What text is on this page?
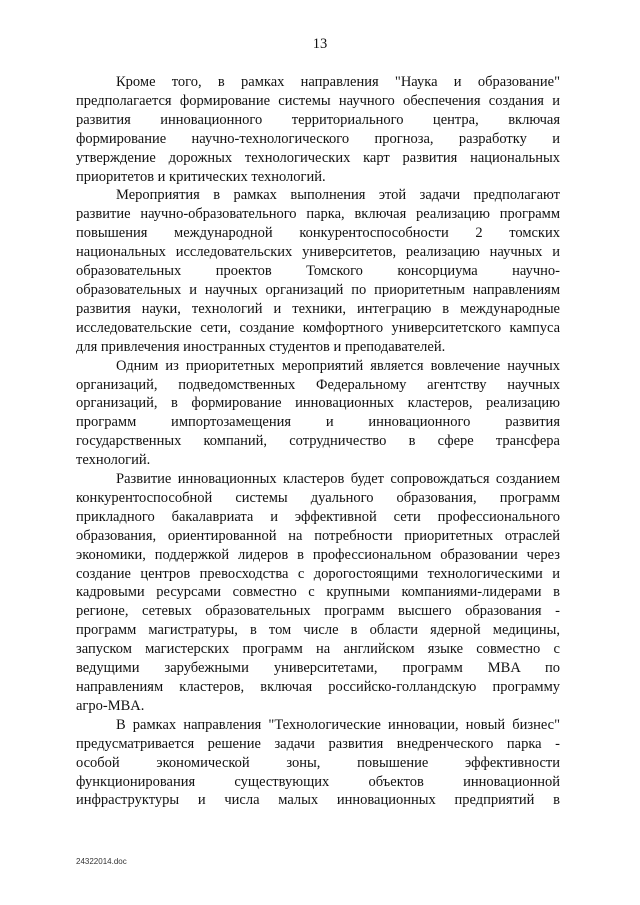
13

Кроме того, в рамках направления "Наука и образование"
предполагается формирование системы научного обеспечения создания и
развития инновационного территориального центра, включая
формирование научно-технологического прогноза, разработку и
утверждение дорожных технологических карт развития национальных
приоритетов и критических технологий.

Мероприятия в рамках выполнения этой задачи предполагают
развитие научно-образовательного парка, включая реализацию программ
повышения международной конкурентоспособности 2 томских
национальных исследовательских университетов, реализацию научных и
образовательных проектов Томского консорциума научно-
образовательных и научных организаций по приоритетным направлениям
развития науки, технологий и техники, интеграцию в международные
исследовательские сети, создание комфортного университетского кампуса
для привлечения иностранных студентов и преподавателей.

Одним из приоритетных мероприятий является вовлечение научных
организаций, подведомственных Федеральному агентству научных
организаций, в формирование инновационных кластеров, реализацию
программ импортозамещения и инновационного развития
государственных компаний, сотрудничество в сфере трансфера
технологий.

Развитие инновационных кластеров будет сопровождаться созданием
конкурентоспособной системы дуального образования, программ
прикладного бакалавриата и эффективной сети профессионального
образования, ориентированной на потребности приоритетных отраслей
экономики, поддержкой лидеров в профессиональном образовании через
создание центров превосходства с дорогостоящими технологическими и
кадровыми ресурсами совместно с крупными компаниями-лидерами в
регионе, сетевых образовательных программ высшего образования -
программ магистратуры, в том числе в области ядерной медицины,
запуском магистерских программ на английском языке совместно с
ведущими зарубежными университетами, программ MBA по
направлениям кластеров, включая российско-голландскую программу
агро-MBA.

В рамках направления "Технологические инновации, новый бизнес"
предусматривается решение задачи развития внедренческого парка -
особой экономической зоны, повышение эффективности
функционирования существующих объектов инновационной
инфраструктуры и числа малых инновационных предприятий в

24322014.doc
